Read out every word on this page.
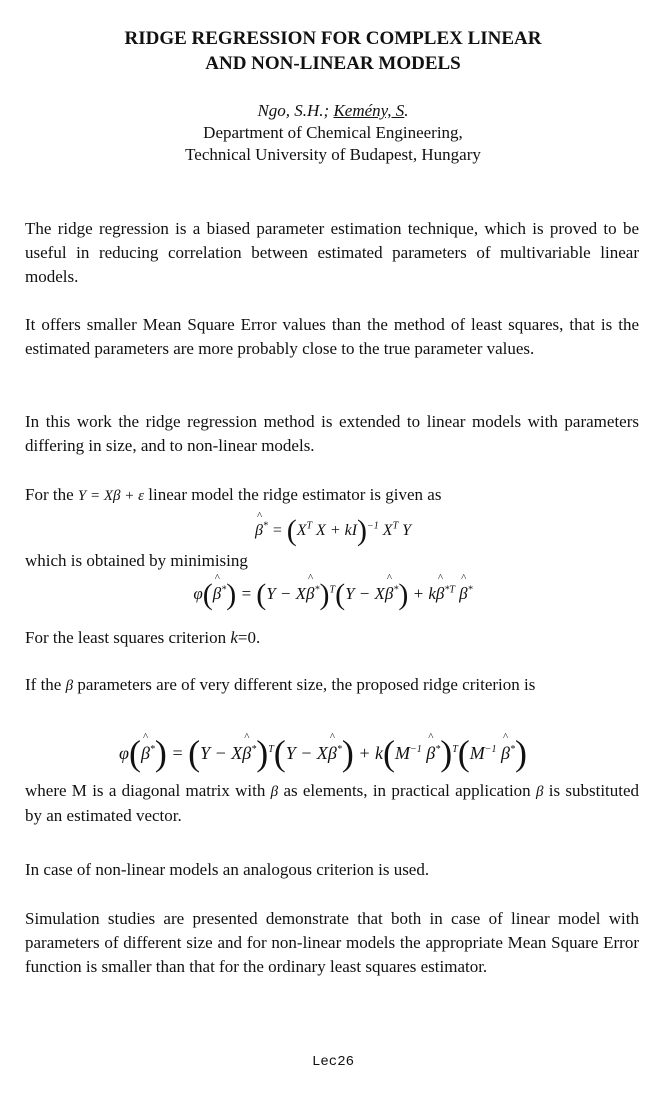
RIDGE REGRESSION FOR COMPLEX LINEAR
AND NON-LINEAR MODELS
Ngo, S.H.; Kemény, S.
Department of Chemical Engineering,
Technical University of Budapest, Hungary

The ridge regression is a biased parameter estimation technique, which is proved to be useful in reducing correlation between estimated parameters of multivariable linear models.

It offers smaller Mean Square Error values than the method of least squares, that is the estimated parameters are more probably close to the true parameter values.

In this work the ridge regression method is extended to linear models with parameters differing in size, and to non-linear models.

For the Y = Xβ + ε linear model the ridge estimator is given as

^ $\beta^* = (X^T$ X + kI)$^{-1}$ $X^T$ Y

which is obtained by minimising

φ(^ β*) = (Y − X^ β*)$^T$(Y − X^ β*) + k^ $\beta^{*T}$ ^ β*

For the least squares criterion k=0.

If the β parameters are of very different size, the proposed ridge criterion is

φ(^ β*) = (Y − X^ β*)$^T$(Y − X^ $\beta^*) + k(M^{-1}$ ^ $\beta^*)^T(M^{-1}$ ^ β*)

where M is a diagonal matrix with β as elements, in practical application β is substituted by an estimated vector.

In case of non-linear models an analogous criterion is used.

Simulation studies are presented demonstrate that both in case of linear model with parameters of different size and for non-linear models the appropriate Mean Square Error function is smaller than that for the ordinary least squares estimator.

Lec26
